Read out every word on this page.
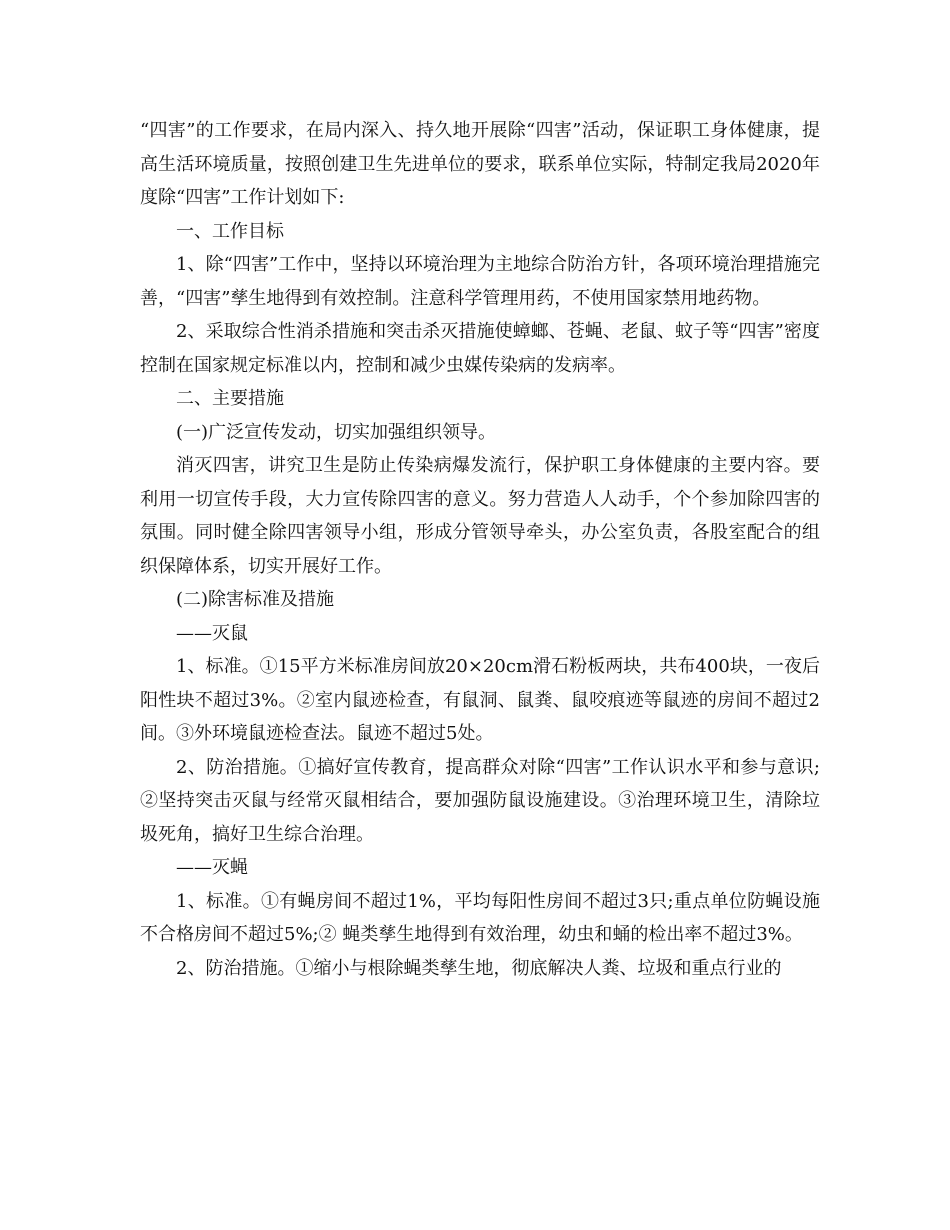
“四害”的工作要求，在局内深入、持久地开展除“四害”活动，保证职工身体健康，提高生活环境质量，按照创建卫生先进单位的要求，联系单位实际，特制定我局2020年度除“四害”工作计划如下:

一、工作目标

1、除“四害”工作中，坚持以环境治理为主地综合防治方针，各项环境治理措施完善，“四害”孳生地得到有效控制。注意科学管理用药，不使用国家禁用地药物。

2、采取综合性消杀措施和突击杀灭措施使蟑螂、苍蝇、老鼠、蚊子等“四害”密度控制在国家规定标准以内，控制和减少虫媒传染病的发病率。

二、主要措施

(一)广泛宣传发动，切实加强组织领导。

消灭四害，讲究卫生是防止传染病爆发流行，保护职工身体健康的主要内容。要利用一切宣传手段，大力宣传除四害的意义。努力营造人人动手，个个参加除四害的氛围。同时健全除四害领导小组，形成分管领导牵头，办公室负责，各股室配合的组织保障体系，切实开展好工作。

(二)除害标准及措施

——灭鼠

1、标准。①15平方米标准房间放20×20cm滑石粉板两块，共布400块，一夜后阳性块不超过3%。②室内鼠迹检查，有鼠洞、鼠粪、鼠咬痕迹等鼠迹的房间不超过2间。③外环境鼠迹检查法。鼠迹不超过5处。

2、防治措施。①搞好宣传教育，提高群众对除“四害”工作认识水平和参与意识;②坚持突击灭鼠与经常灭鼠相结合，要加强防鼠设施建设。③治理环境卫生，清除垃圾死角，搞好卫生综合治理。

——灭蝇

1、标准。①有蝇房间不超过1%，平均每阳性房间不超过3只;重点单位防蝇设施不合格房间不超过5%;② 蝇类孳生地得到有效治理，幼虫和蛹的检出率不超过3%。

2、防治措施。①缩小与根除蝇类孳生地，彻底解决人粪、垃圾和重点行业的
